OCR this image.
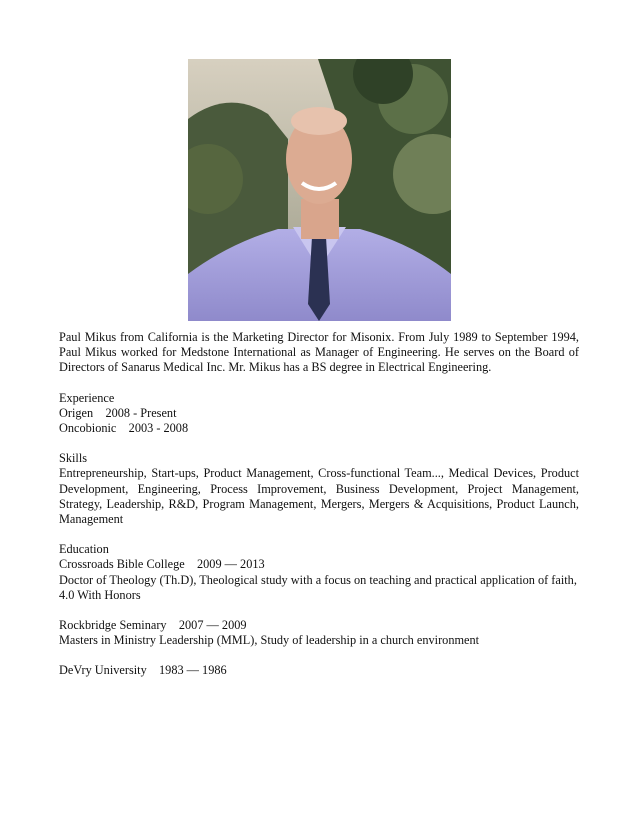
Paul Mikus from California is the Marketing Director for Misonix. From July 1989 to September 1994, Paul Mikus worked for Medstone International as Manager of Engineering. He serves on the Board of Directors of Sanarus Medical Inc. Mr. Mikus has a BS degree in Electrical Engineering.

Experience
Origen 2008 - Present
Oncobionic 2003 - 2008
Skills

Entrepreneurship, Start-ups, Product Management, Cross-functional Team..., Medical Devices, Product Development, Engineering, Process Improvement, Business Development, Project Management, Strategy, Leadership, R&D, Program Management, Mergers, Mergers & Acquisitions, Product Launch, Management

Education
Crossroads Bible College 2009 — 2013

Doctor of Theology (Th.D), Theological study with a focus on teaching and practical application of faith, 4.0 With Honors

Rockbridge Seminary 2007 — 2009

Masters in Ministry Leadership (MML), Study of leadership in a church environment

DeVry University 1983 — 1986
